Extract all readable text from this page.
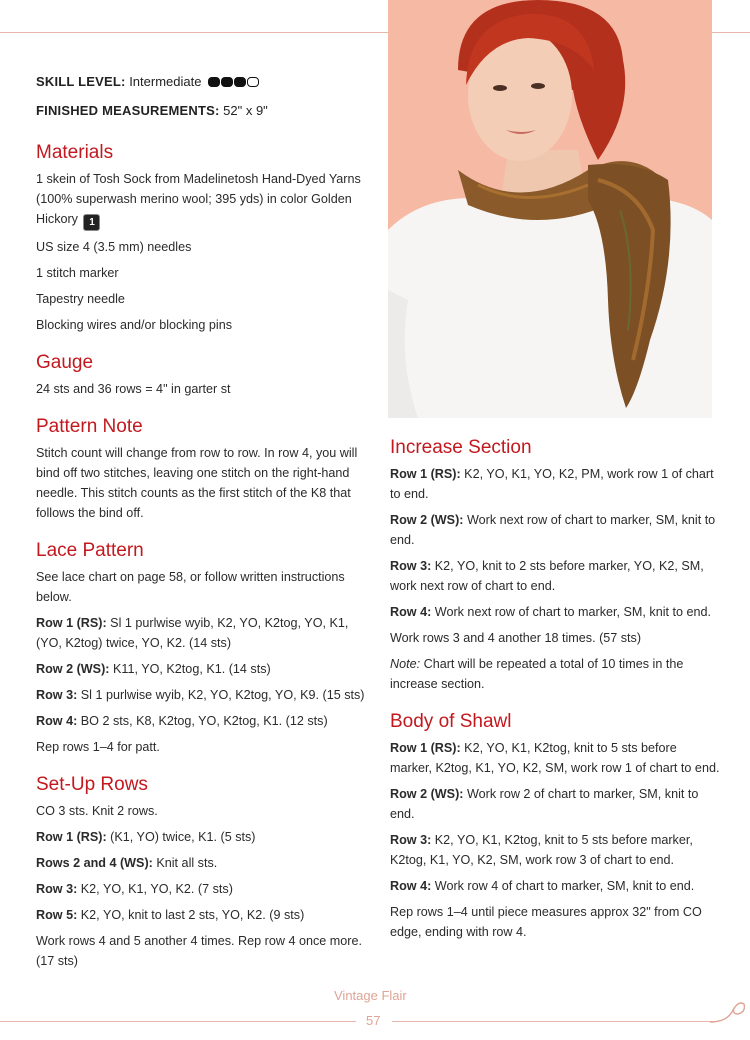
SKILL LEVEL: Intermediate
FINISHED MEASUREMENTS: 52" x 9"
Materials

1 skein of Tosh Sock from Madelinetosh Hand-Dyed Yarns (100% superwash merino wool; 395 yds) in color Golden Hickory 1

US size 4 (3.5 mm) needles

1 stitch marker

Tapestry needle

Blocking wires and/or blocking pins

Gauge

24 sts and 36 rows = 4" in garter st

Pattern Note

Stitch count will change from row to row. In row 4, you will bind off two stitches, leaving one stitch on the right-hand needle. This stitch counts as the first stitch of the K8 that follows the bind off.

Lace Pattern

See lace chart on page 58, or follow written instructions below.

Row 1 (RS): Sl 1 purlwise wyib, K2, YO, K2tog, YO, K1, (YO, K2tog) twice, YO, K2. (14 sts)

Row 2 (WS): K11, YO, K2tog, K1. (14 sts)

Row 3: Sl 1 purlwise wyib, K2, YO, K2tog, YO, K9. (15 sts)

Row 4: BO 2 sts, K8, K2tog, YO, K2tog, K1. (12 sts)

Rep rows 1–4 for patt.

Set-Up Rows

CO 3 sts. Knit 2 rows.

Row 1 (RS): (K1, YO) twice, K1. (5 sts)

Rows 2 and 4 (WS): Knit all sts.

Row 3: K2, YO, K1, YO, K2. (7 sts)

Row 5: K2, YO, knit to last 2 sts, YO, K2. (9 sts)

Work rows 4 and 5 another 4 times. Rep row 4 once more. (17 sts)

Increase Section

Row 1 (RS): K2, YO, K1, YO, K2, PM, work row 1 of chart to end.

Row 2 (WS): Work next row of chart to marker, SM, knit to end.

Row 3: K2, YO, knit to 2 sts before marker, YO, K2, SM, work next row of chart to end.

Row 4: Work next row of chart to marker, SM, knit to end.

Work rows 3 and 4 another 18 times. (57 sts)

Note: Chart will be repeated a total of 10 times in the increase section.

Body of Shawl

Row 1 (RS): K2, YO, K1, K2tog, knit to 5 sts before marker, K2tog, K1, YO, K2, SM, work row 1 of chart to end.

Row 2 (WS): Work row 2 of chart to marker, SM, knit to end.

Row 3: K2, YO, K1, K2tog, knit to 5 sts before marker, K2tog, K1, YO, K2, SM, work row 3 of chart to end.

Row 4: Work row 4 of chart to marker, SM, knit to end.

Rep rows 1–4 until piece measures approx 32" from CO edge, ending with row 4.

Vintage Flair
57
